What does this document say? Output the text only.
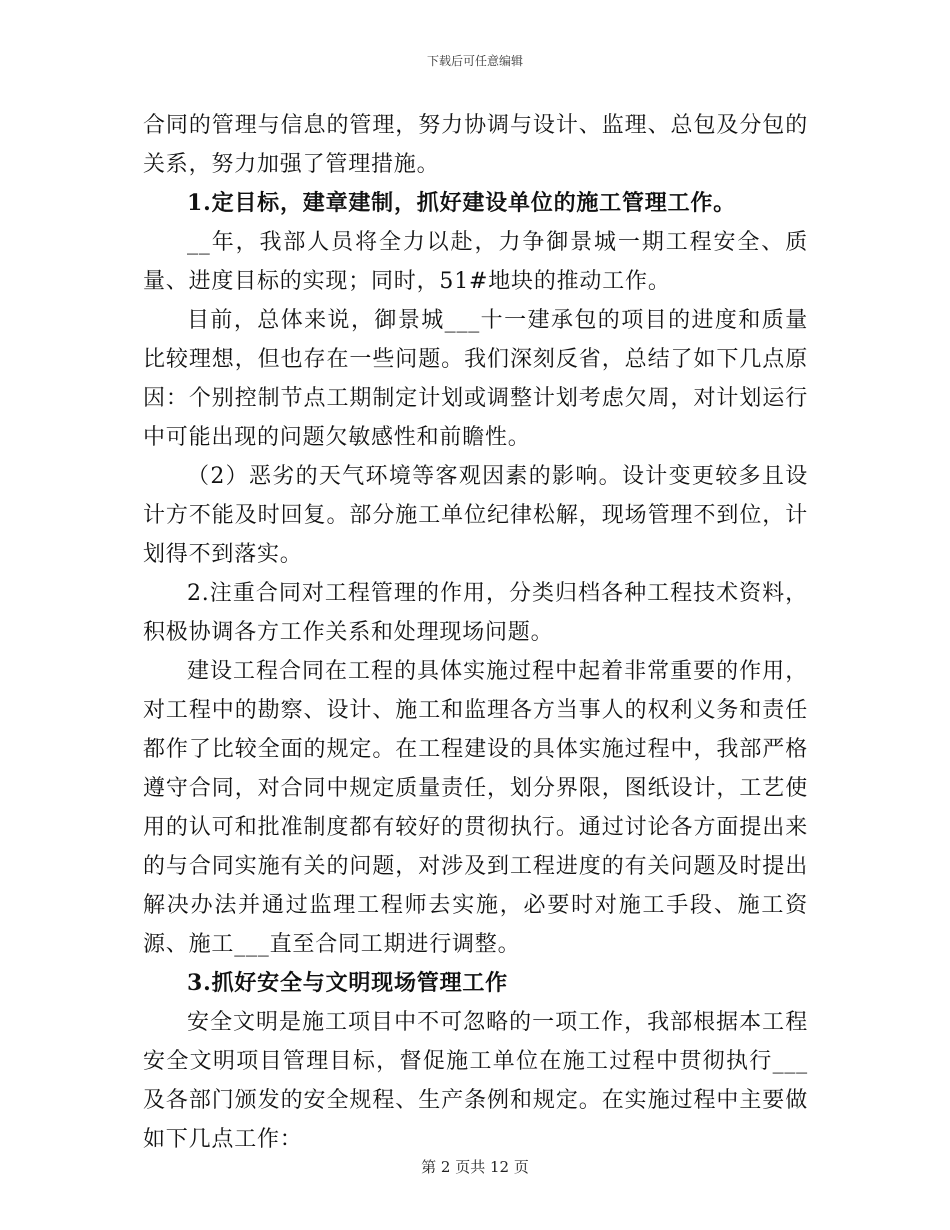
下载后可任意编辑

合同的管理与信息的管理，努力协调与设计、监理、总包及分包的关系，努力加强了管理措施。

1.定目标，建章建制，抓好建设单位的施工管理工作。

__年，我部人员将全力以赴，力争御景城一期工程安全、质量、进度目标的实现；同时，51#地块的推动工作。

目前，总体来说，御景城___十一建承包的项目的进度和质量比较理想，但也存在一些问题。我们深刻反省，总结了如下几点原因：个别控制节点工期制定计划或调整计划考虑欠周，对计划运行中可能出现的问题欠敏感性和前瞻性。

（2）恶劣的天气环境等客观因素的影响。设计变更较多且设计方不能及时回复。部分施工单位纪律松解，现场管理不到位，计划得不到落实。

2.注重合同对工程管理的作用，分类归档各种工程技术资料，积极协调各方工作关系和处理现场问题。

建设工程合同在工程的具体实施过程中起着非常重要的作用，对工程中的勘察、设计、施工和监理各方当事人的权利义务和责任都作了比较全面的规定。在工程建设的具体实施过程中，我部严格遵守合同，对合同中规定质量责任，划分界限，图纸设计，工艺使用的认可和批准制度都有较好的贯彻执行。通过讨论各方面提出来的与合同实施有关的问题，对涉及到工程进度的有关问题及时提出解决办法并通过监理工程师去实施，必要时对施工手段、施工资源、施工___直至合同工期进行调整。

3.抓好安全与文明现场管理工作

安全文明是施工项目中不可忽略的一项工作，我部根据本工程安全文明项目管理目标，督促施工单位在施工过程中贯彻执行___及各部门颁发的安全规程、生产条例和规定。在实施过程中主要做如下几点工作：

第 2 页共 12 页
